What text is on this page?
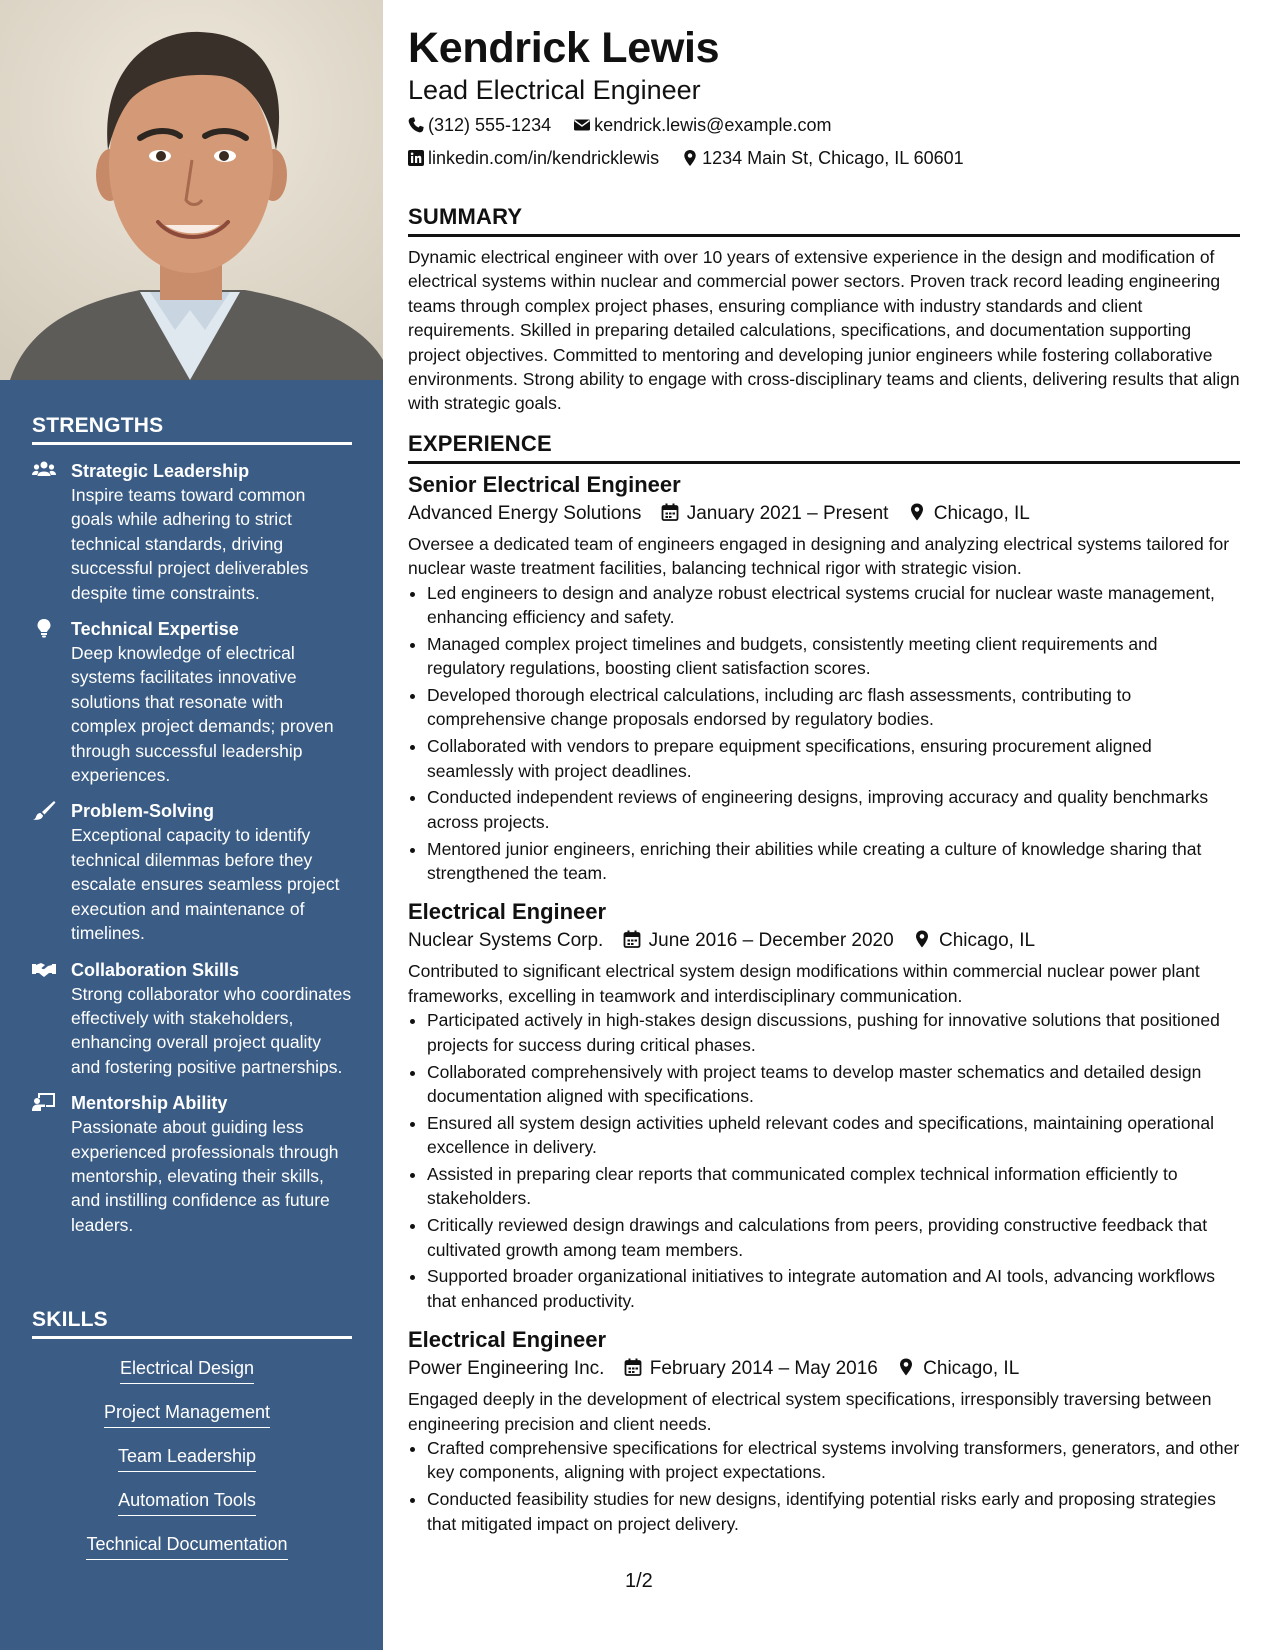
STRENGTHS
Strategic Leadership
Inspire teams toward common goals while adhering to strict technical standards, driving successful project deliverables despite time constraints.
Technical Expertise
Deep knowledge of electrical systems facilitates innovative solutions that resonate with complex project demands; proven through successful leadership experiences.
Problem-Solving
Exceptional capacity to identify technical dilemmas before they escalate ensures seamless project execution and maintenance of timelines.
Collaboration Skills
Strong collaborator who coordinates effectively with stakeholders, enhancing overall project quality and fostering positive partnerships.
Mentorship Ability
Passionate about guiding less experienced professionals through mentorship, elevating their skills, and instilling confidence as future leaders.
SKILLS
Electrical Design
Project Management
Team Leadership
Automation Tools
Technical Documentation
Kendrick Lewis
Lead Electrical Engineer
(312) 555-1234 kendrick.lewis@example.com
linkedin.com/in/kendricklewis 1234 Main St, Chicago, IL 60601
SUMMARY

Dynamic electrical engineer with over 10 years of extensive experience in the design and modification of electrical systems within nuclear and commercial power sectors. Proven track record leading engineering teams through complex project phases, ensuring compliance with industry standards and client requirements. Skilled in preparing detailed calculations, specifications, and documentation supporting project objectives. Committed to mentoring and developing junior engineers while fostering collaborative environments. Strong ability to engage with cross-disciplinary teams and clients, delivering results that align with strategic goals.

EXPERIENCE
Senior Electrical Engineer
Advanced Energy Solutions January 2021 – Present Chicago, IL

Oversee a dedicated team of engineers engaged in designing and analyzing electrical systems tailored for nuclear waste treatment facilities, balancing technical rigor with strategic vision.

• Led engineers to design and analyze robust electrical systems crucial for nuclear waste management, enhancing efficiency and safety.
• Managed complex project timelines and budgets, consistently meeting client requirements and regulatory regulations, boosting client satisfaction scores.
• Developed thorough electrical calculations, including arc flash assessments, contributing to comprehensive change proposals endorsed by regulatory bodies.
• Collaborated with vendors to prepare equipment specifications, ensuring procurement aligned seamlessly with project deadlines.
• Conducted independent reviews of engineering designs, improving accuracy and quality benchmarks across projects.
• Mentored junior engineers, enriching their abilities while creating a culture of knowledge sharing that strengthened the team.
Electrical Engineer
Nuclear Systems Corp. June 2016 – December 2020 Chicago, IL

Contributed to significant electrical system design modifications within commercial nuclear power plant frameworks, excelling in teamwork and interdisciplinary communication.

• Participated actively in high-stakes design discussions, pushing for innovative solutions that positioned projects for success during critical phases.
• Collaborated comprehensively with project teams to develop master schematics and detailed design documentation aligned with specifications.
• Ensured all system design activities upheld relevant codes and specifications, maintaining operational excellence in delivery.
• Assisted in preparing clear reports that communicated complex technical information efficiently to stakeholders.
• Critically reviewed design drawings and calculations from peers, providing constructive feedback that cultivated growth among team members.
• Supported broader organizational initiatives to integrate automation and AI tools, advancing workflows that enhanced productivity.
Electrical Engineer
Power Engineering Inc. February 2014 – May 2016 Chicago, IL

Engaged deeply in the development of electrical system specifications, irresponsibly traversing between engineering precision and client needs.

• Crafted comprehensive specifications for electrical systems involving transformers, generators, and other key components, aligning with project expectations.
• Conducted feasibility studies for new designs, identifying potential risks early and proposing strategies that mitigated impact on project delivery.
1/2
